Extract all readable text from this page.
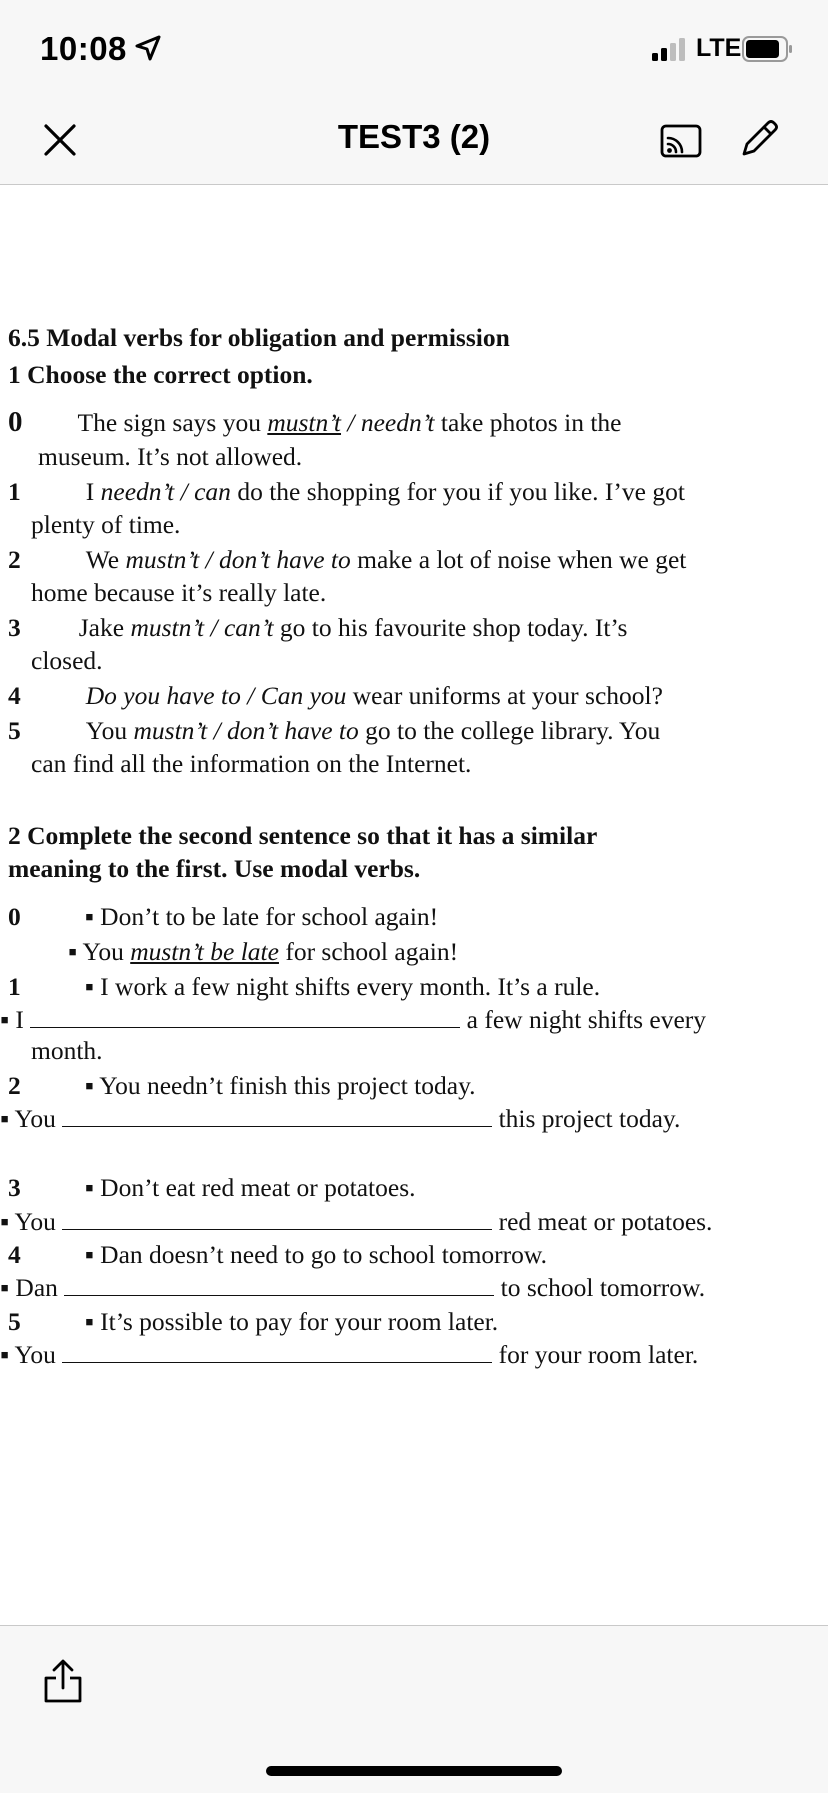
10:08	LTE
TEST3 (2)
6.5 Modal verbs for obligation and permission
1 Choose the correct option.
0 The sign says you mustn’t / needn’t take photos in the
museum. It’s not allowed.
1	I needn’t / can do the shopping for you if you like. I’ve got
plenty of time.
2	We mustn’t / don’t have to make a lot of noise when we get
home because it’s really late.
3 Jake mustn’t / can’t go to his favourite shop today. It’s
closed.
4	Do you have to / Can you wear uniforms at your school?
5	You mustn’t / don’t have to go to the college library. You
can find all the information on the Internet.
2 Complete the second sentence so that it has a similar
meaning to the first. Use modal verbs.
0	▪ Don’t to be late for school again!
▪ You mustn’t be late for school again!
1	▪ I work a few night shifts every month. It’s a rule.
▪ I	a few night shifts every
month.
2	▪ You needn’t finish this project today.
▪ You	this project today.
3	▪ Don’t eat red meat or potatoes.
▪ You	red meat or potatoes.
4	▪ Dan doesn’t need to go to school tomorrow.
▪ Dan	to school tomorrow.
5	▪ It’s possible to pay for your room later.
▪ You	for your room later.
